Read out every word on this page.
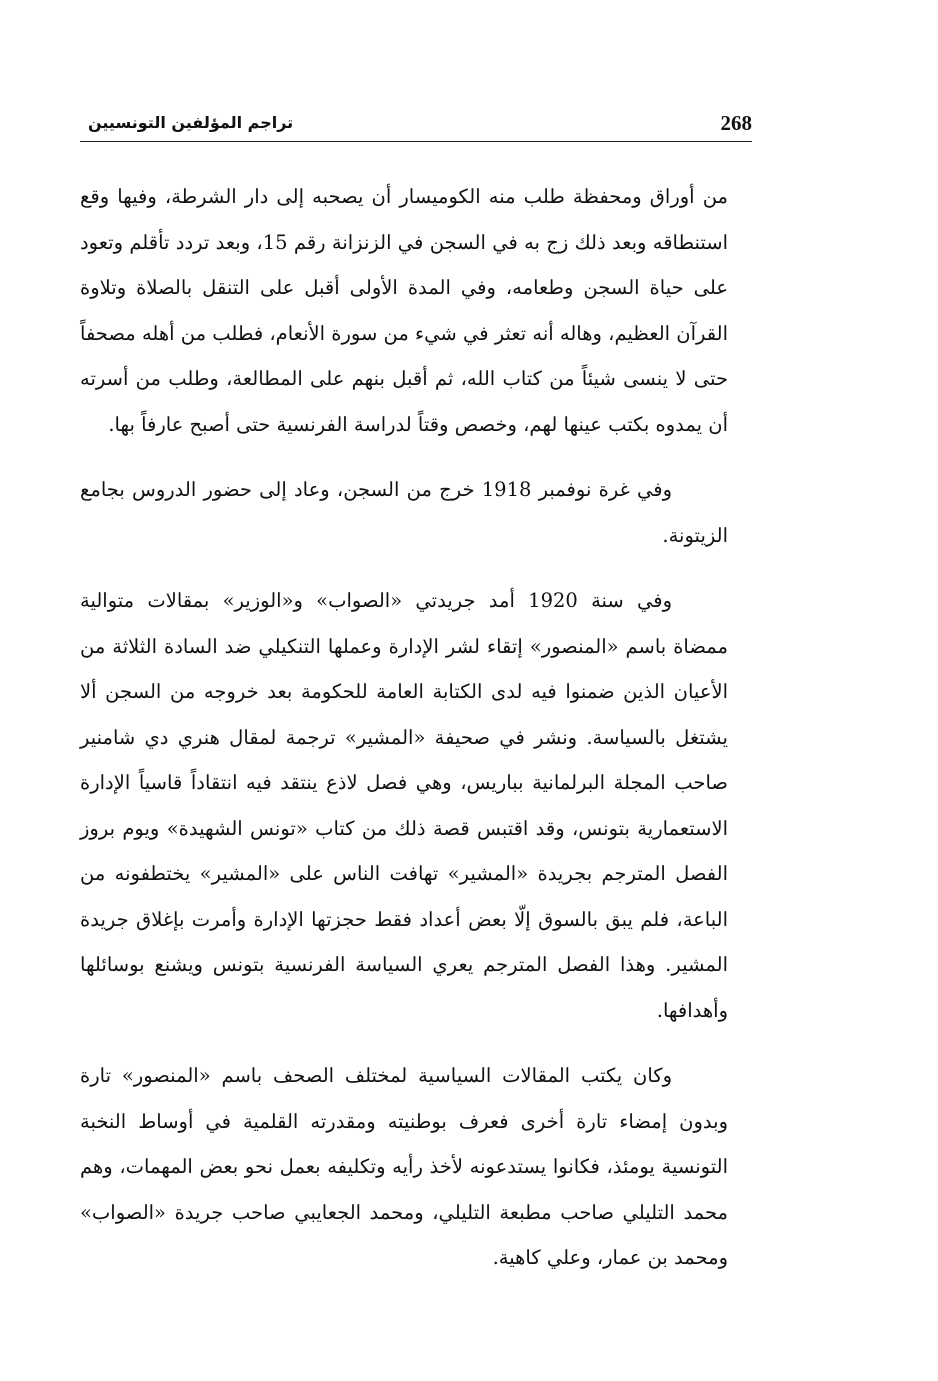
268
تراجم المؤلفين التونسيين

من أوراق ومحفظة طلب منه الكوميسار أن يصحبه إلى دار الشرطة، وفيها وقع استنطاقه وبعد ذلك زج به في السجن في الزنزانة رقم 15، وبعد تردد تأقلم وتعود على حياة السجن وطعامه، وفي المدة الأولى أقبل على التنقل بالصلاة وتلاوة القرآن العظيم، وهاله أنه تعثر في شيء من سورة الأنعام، فطلب من أهله مصحفاً حتى لا ينسى شيئاً من كتاب الله، ثم أقبل بنهم على المطالعة، وطلب من أسرته أن يمدوه بكتب عينها لهم، وخصص وقتاً لدراسة الفرنسية حتى أصبح عارفاً بها.

وفي غرة نوفمبر 1918 خرج من السجن، وعاد إلى حضور الدروس بجامع الزيتونة.

وفي سنة 1920 أمد جريدتي «الصواب» و«الوزير» بمقالات متوالية ممضاة باسم «المنصور» إتقاء لشر الإدارة وعملها التنكيلي ضد السادة الثلاثة من الأعيان الذين ضمنوا فيه لدى الكتابة العامة للحكومة بعد خروجه من السجن ألا يشتغل بالسياسة. ونشر في صحيفة «المشير» ترجمة لمقال هنري دي شامنير صاحب المجلة البرلمانية بباريس، وهي فصل لاذع ينتقد فيه انتقاداً قاسياً الإدارة الاستعمارية بتونس، وقد اقتبس قصة ذلك من كتاب «تونس الشهيدة» ويوم بروز الفصل المترجم بجريدة «المشير» تهافت الناس على «المشير» يختطفونه من الباعة، فلم يبق بالسوق إلّا بعض أعداد فقط حجزتها الإدارة وأمرت بإغلاق جريدة المشير. وهذا الفصل المترجم يعري السياسة الفرنسية بتونس ويشنع بوسائلها وأهدافها.

وكان يكتب المقالات السياسية لمختلف الصحف باسم «المنصور» تارة وبدون إمضاء تارة أخرى فعرف بوطنيته ومقدرته القلمية في أوساط النخبة التونسية يومئذ، فكانوا يستدعونه لأخذ رأيه وتكليفه بعمل نحو بعض المهمات، وهم محمد التليلي صاحب مطبعة التليلي، ومحمد الجعايبي صاحب جريدة «الصواب» ومحمد بن عمار، وعلي كاهية.
